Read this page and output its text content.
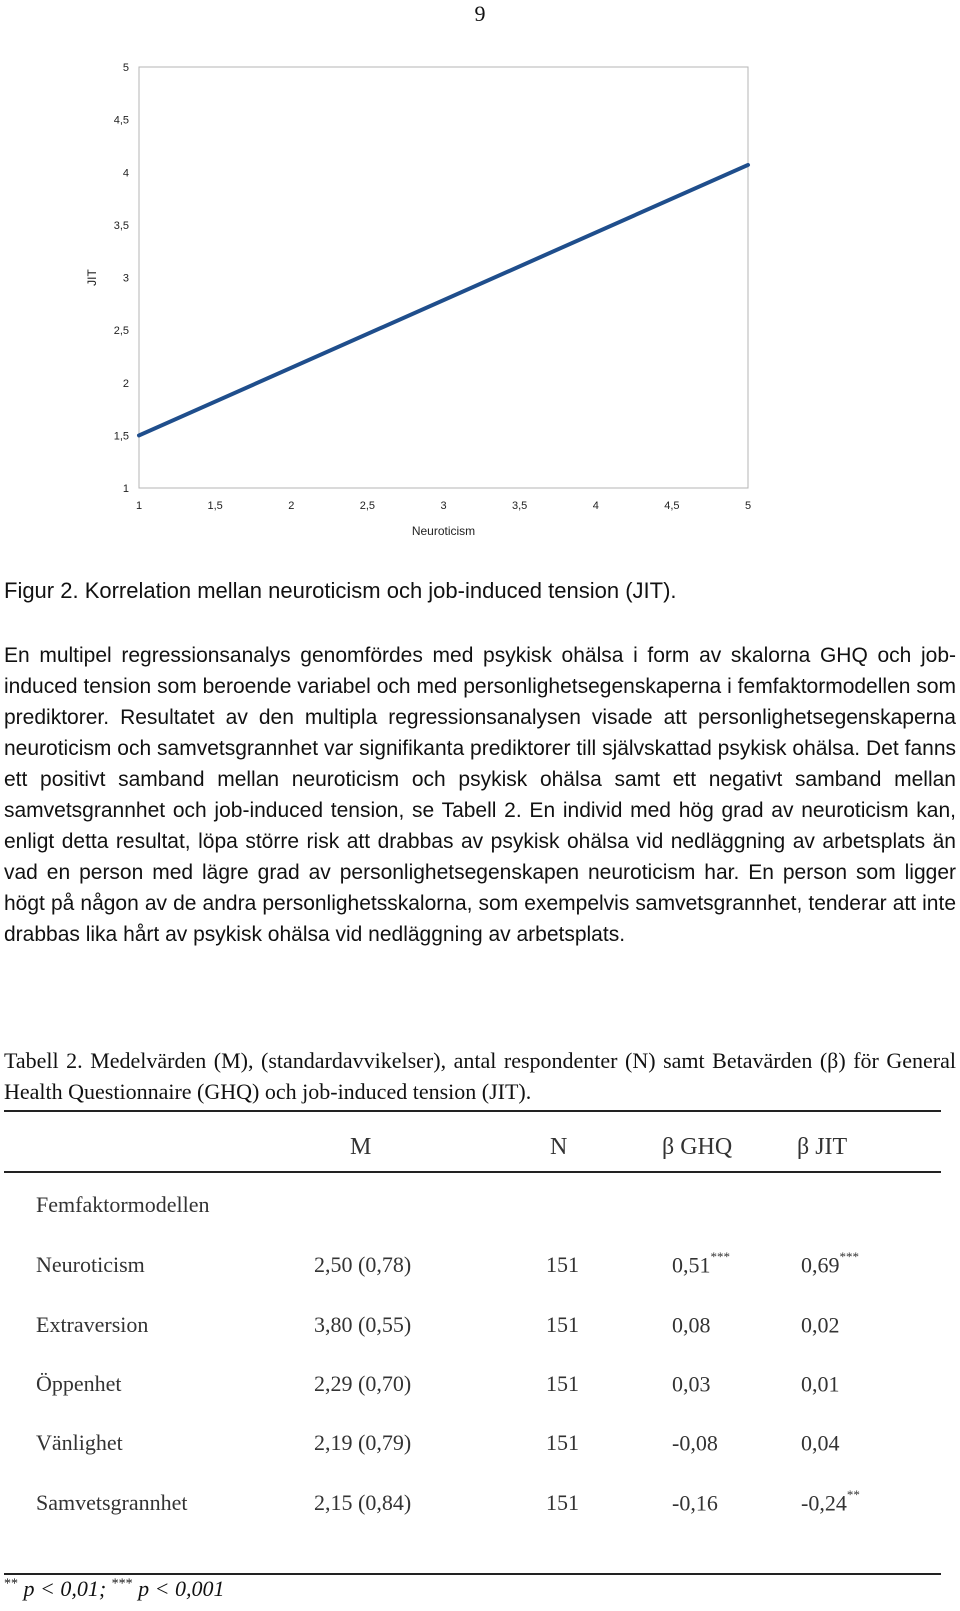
9
1
1,5
2
2,5
3
3,5
4
4,5
5
1	1,5	2	2,5	3	3,5	4	4,5	5
Neuroticism
JIT
Figur 2. Korrelation mellan neuroticism och job-induced tension (JIT).
En multipel regressionsanalys genomfördes med psykisk ohälsa i form av skalorna GHQ och job-induced tension som beroende variabel och med personlighetsegenskaperna i femfaktormodellen som prediktorer. Resultatet av den multipla regressionsanalysen visade att personlighetsegenskaperna neuroticism och samvetsgrannhet var signifikanta prediktorer till självskattad psykisk ohälsa. Det fanns ett positivt samband mellan neuroticism och psykisk ohälsa samt ett negativt samband mellan samvetsgrannhet och job-induced tension, se Tabell 2. En individ med hög grad av neuroticism kan, enligt detta resultat, löpa större risk att drabbas av psykisk ohälsa vid nedläggning av arbetsplats än vad en person med lägre grad av personlighetsegenskapen neuroticism har. En person som ligger högt på någon av de andra personlighetsskalorna, som exempelvis samvetsgrannhet, tenderar att inte drabbas lika hårt av psykisk ohälsa vid nedläggning av arbetsplats.
Tabell 2. Medelvärden (M), (standardavvikelser), antal respondenter (N) samt Betavärden (β) för General Health Questionnaire (GHQ) och job-induced tension (JIT).
M	N	β GHQ	β JIT
Femfaktormodellen
Neuroticism	2,50 (0,78)	151	0,51***	0,69***
Extraversion	3,80 (0,55)	151	0,08	0,02
Öppenhet	2,29 (0,70)	151	0,03	0,01
Vänlighet	2,19 (0,79)	151	-0,08	0,04
Samvetsgrannhet	2,15 (0,84)	151	-0,16	-0,24**
** p < 0,01; *** p < 0,001
